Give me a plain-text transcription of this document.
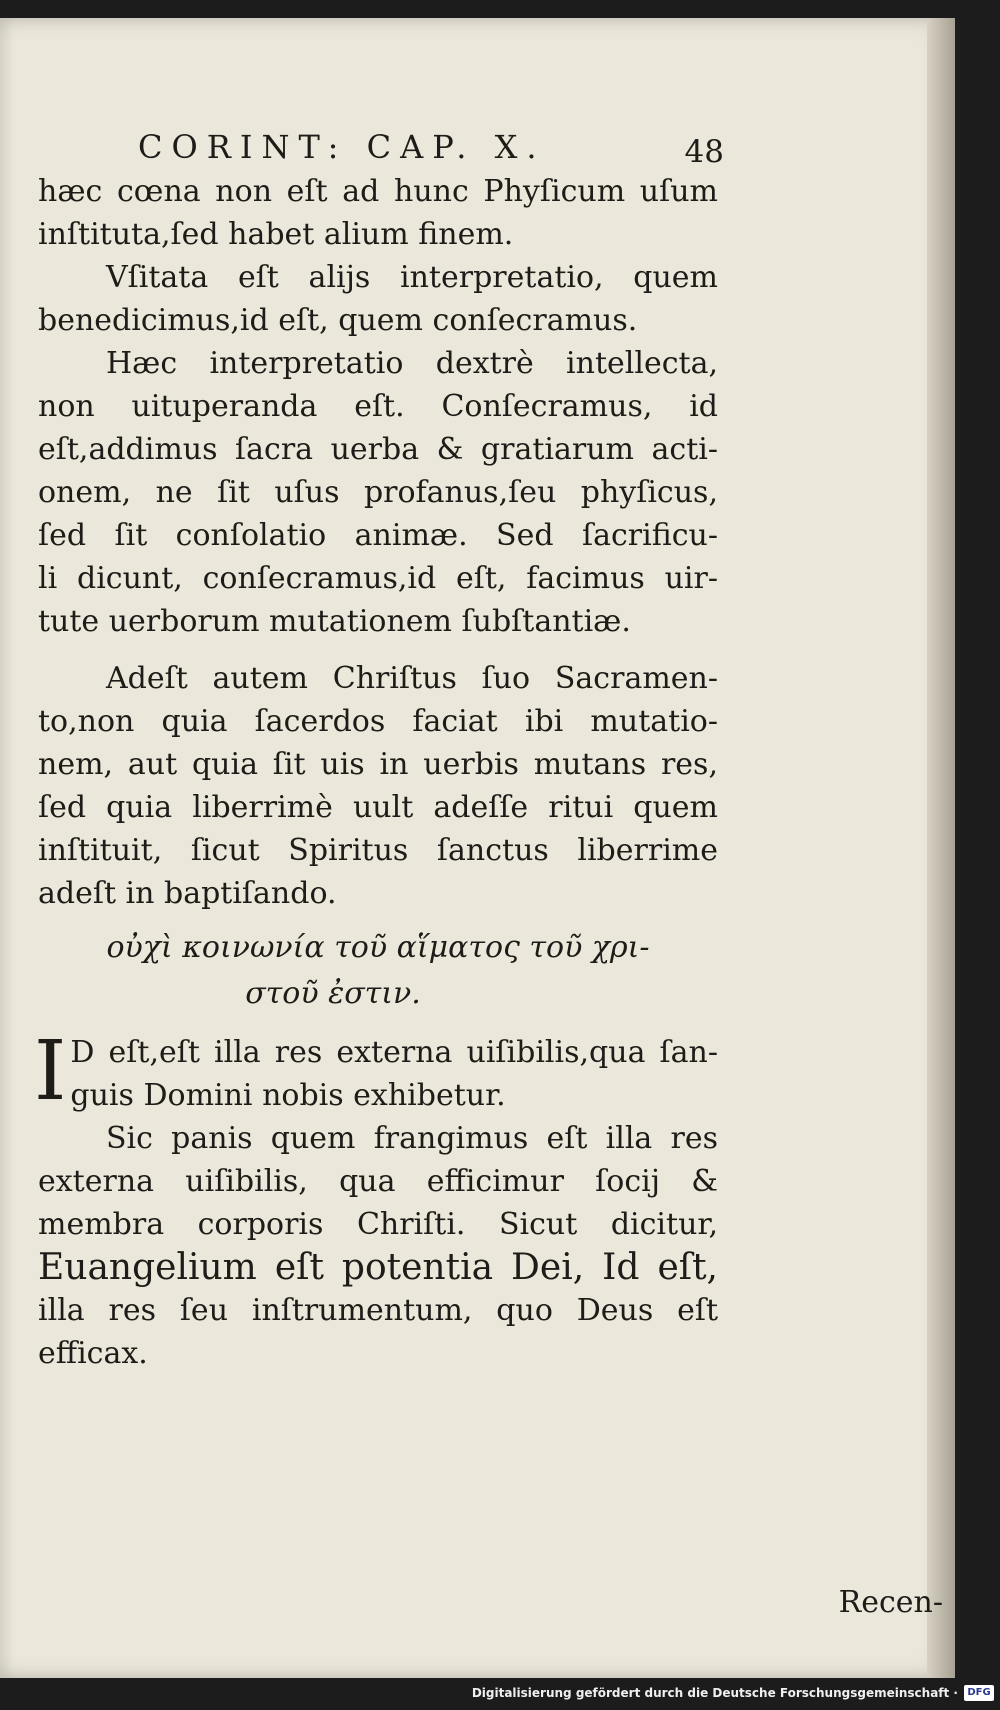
CORINT: CAP. X.	48

hæc cœna non eſt ad hunc Phyſicum uſum
inſtituta,ſed habet alium finem.

Vſitata eſt alijs interpretatio, quem
benedicimus,id eſt, quem conſecramus.

Hæc interpretatio dextrè intellecta,
non uituperanda eſt. Conſecramus, id
eſt,addimus ſacra uerba & gratiarum acti-
onem, ne ſit uſus profanus,ſeu phyſicus,
ſed ſit conſolatio animæ. Sed ſacrificu-
li dicunt, conſecramus,id eſt, facimus uir-
tute uerborum mutationem ſubſtantiæ.

Adeſt autem Chriſtus ſuo Sacramen-
to,non quia ſacerdos faciat ibi mutatio-
nem, aut quia ſit uis in uerbis mutans res,
ſed quia liberrimè uult adeſſe ritui quem
inſtituit, ſicut Spiritus ſanctus liberrime
adeſt in baptiſando.

οὐχὶ κοινωνία τοῦ αἵματος τοῦ χρι-
στοῦ ἐστιν.

I D eſt,eſt illa res externa uiſibilis,qua ſan-
guis Domini nobis exhibetur.

Sic panis quem frangimus eſt illa res
externa uiſibilis, qua efficimur ſocij &
membra corporis Chriſti. Sicut dicitur,
Euangelium eſt potentia Dei, Id eſt,
illa res ſeu inſtrumentum, quo Deus eſt
efficax.

Recen-
Digitalisierung gefördert durch die Deutsche Forschungsgemeinschaft · DFG
